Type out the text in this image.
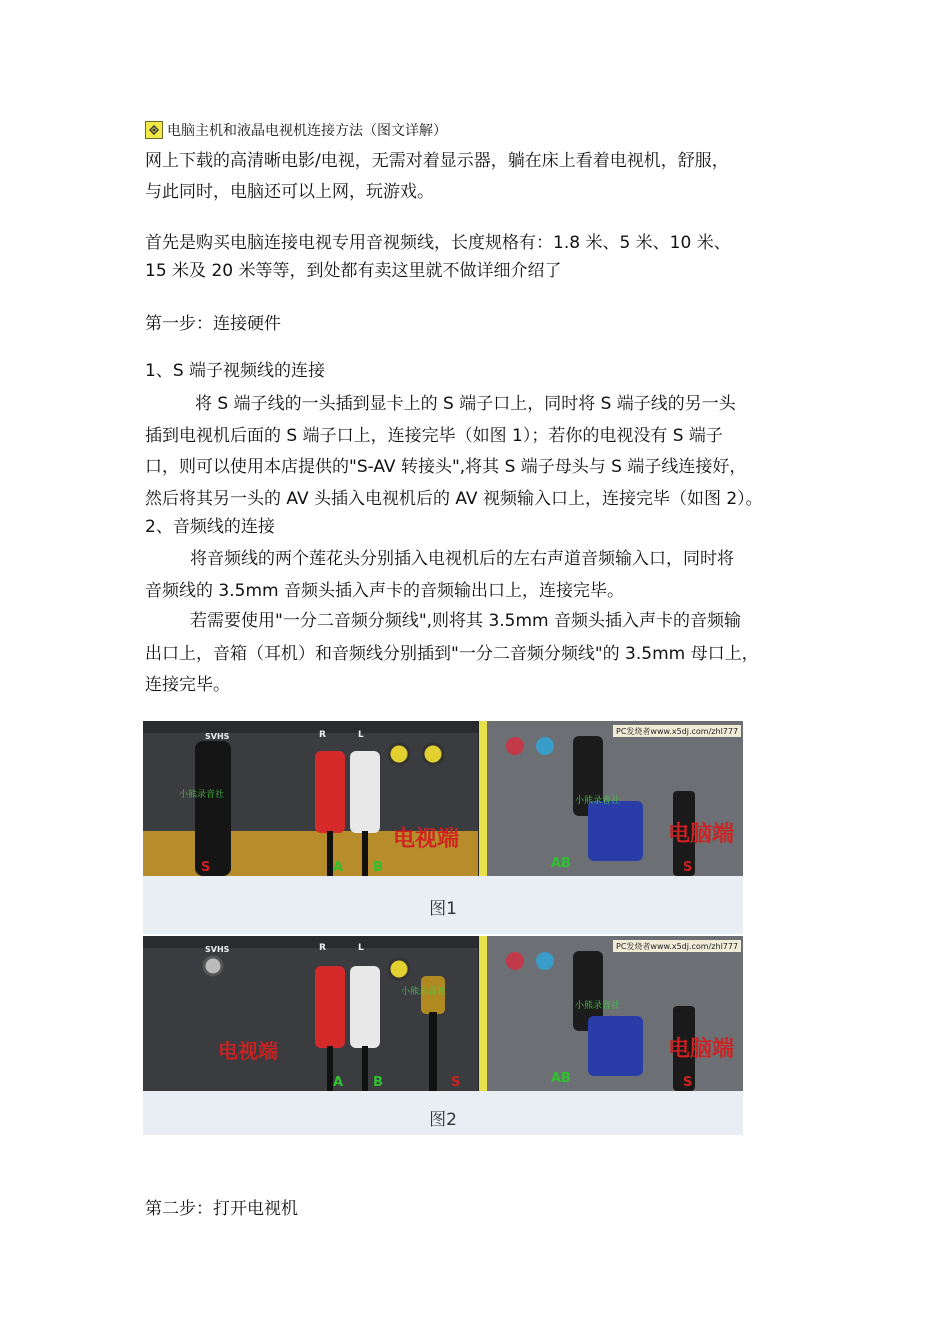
电脑主机和液晶电视机连接方法（图文详解）
网上下载的高清晰电影/电视，无需对着显示器，躺在床上看着电视机，舒服，
与此同时，电脑还可以上网，玩游戏。
首先是购买电脑连接电视专用音视频线，长度规格有：1.8 米、5 米、10 米、
15 米及 20 米等等，到处都有卖这里就不做详细介绍了
第一步：连接硬件
1、S 端子视频线的连接
将 S 端子线的一头插到显卡上的 S 端子口上，同时将 S 端子线的另一头
插到电视机后面的 S 端子口上，连接完毕（如图 1）；若你的电视没有 S 端子
口，则可以使用本店提供的"S-AV 转接头",将其 S 端子母头与 S 端子线连接好，
然后将其另一头的 AV 头插入电视机后的 AV 视频输入口上，连接完毕（如图 2）。
2、音频线的连接
将音频线的两个莲花头分别插入电视机后的左右声道音频输入口，同时将
音频线的 3.5mm 音频头插入声卡的音频输出口上，连接完毕。
若需要使用"一分二音频分频线",则将其 3.5mm 音频头插入声卡的音频输
出口上，音箱（耳机）和音频线分别插到"一分二音频分频线"的 3.5mm 母口上，
连接完毕。
SVHS	R	L
小熊录音社
小熊录音社
电视端	电脑端
PC发烧者www.x5dj.com/zhl777
S	A B	AB	S
图1
SVHS	R	L
小熊录音社
小熊录音社
电视端	电脑端
PC发烧者www.x5dj.com/zhl777
A B	S	AB	S
图2
第二步：打开电视机
